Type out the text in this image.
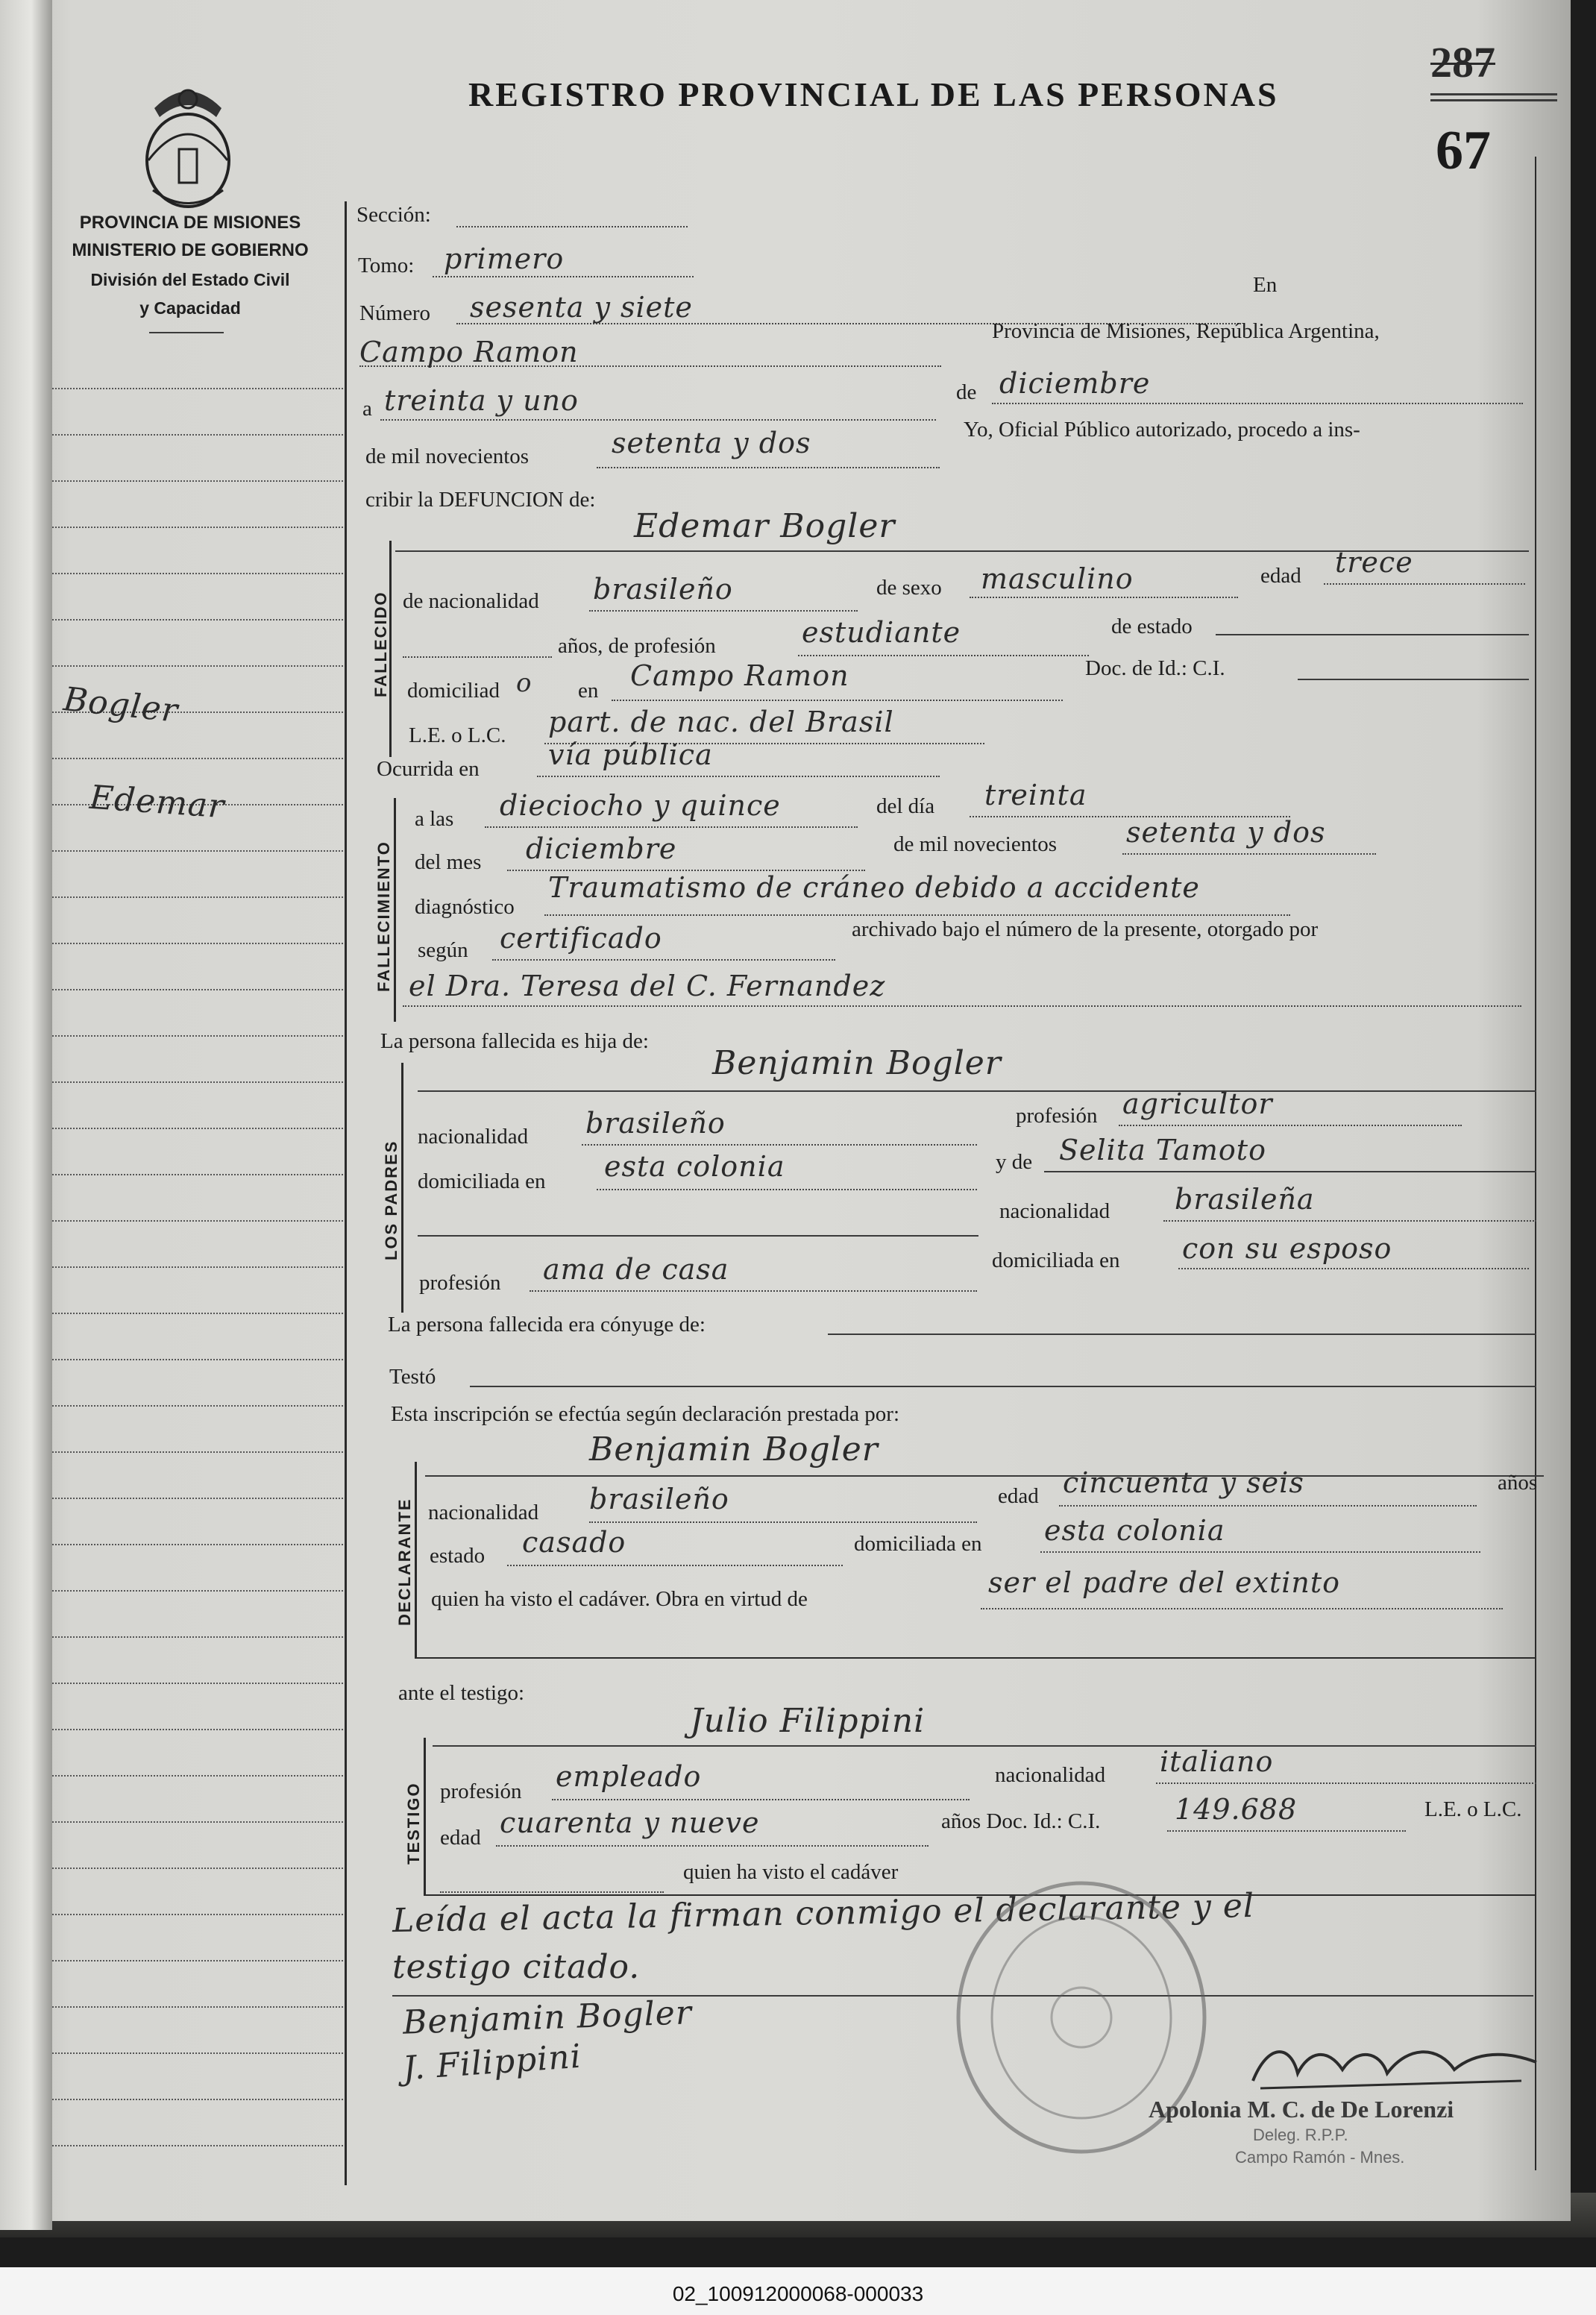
PROVINCIA DE MISIONES
MINISTERIO DE GOBIERNO
División del Estado Civil
y Capacidad
Bogler
Edemar
REGISTRO PROVINCIAL DE LAS PERSONAS
287
67
Sección:
Tomo: primero
En
Número sesenta y siete
Campo Ramon
Provincia de Misiones, República Argentina,
a treinta y uno	de diciembre
de mil novecientos	setenta y dos	Yo, Oficial Público autorizado, procedo a ins-
cribir la DEFUNCION de:
FALLECIDO
Edemar Bogler
de nacionalidad brasileño	de sexo masculino	edad trece
años, de profesión	estudiante	de estado
domiciliad o en Campo Ramon	Doc. de Id.: C.I.
L.E. o L.C. part. de nac. del Brasil
Ocurrida en vía pública
FALLECIMIENTO
a las dieciocho y quince	del día treinta
del mes diciembre	de mil novecientos setenta y dos
diagnóstico
Traumatismo de cráneo debido a accidente
según certificado	archivado bajo el número de la presente, otorgado por
el Dra. Teresa del C. Fernandez
La persona fallecida es hija de:
LOS PADRES
Benjamin Bogler
profesión agricultor
nacionalidad brasileño
domiciliada en esta colonia	y de Selita Tamoto
nacionalidad brasileña
profesión ama de casa	domiciliada en con su esposo
La persona fallecida era cónyuge de:
Testó
Esta inscripción se efectúa según declaración prestada por:
DECLARANTE
Benjamin Bogler
nacionalidad brasileño	edad cincuenta y seis	años
estado casado	domiciliada en esta colonia
quien ha visto el cadáver. Obra en virtud de	ser el padre del extinto
ante el testigo:
TESTIGO
Julio Filippini
profesión empleado	nacionalidad italiano
edad cuarenta y nueve	años Doc. Id.: C.I.	149.688	L.E. o L.C.
quien ha visto el cadáver
Leída el acta la firman conmigo el declarante y el
testigo citado.
Benjamin Bogler
J. Filippini
Apolonia M. C. de De Lorenzi
Deleg. R.P.P.
Campo Ramón - Mnes.
02_100912000068-000033
